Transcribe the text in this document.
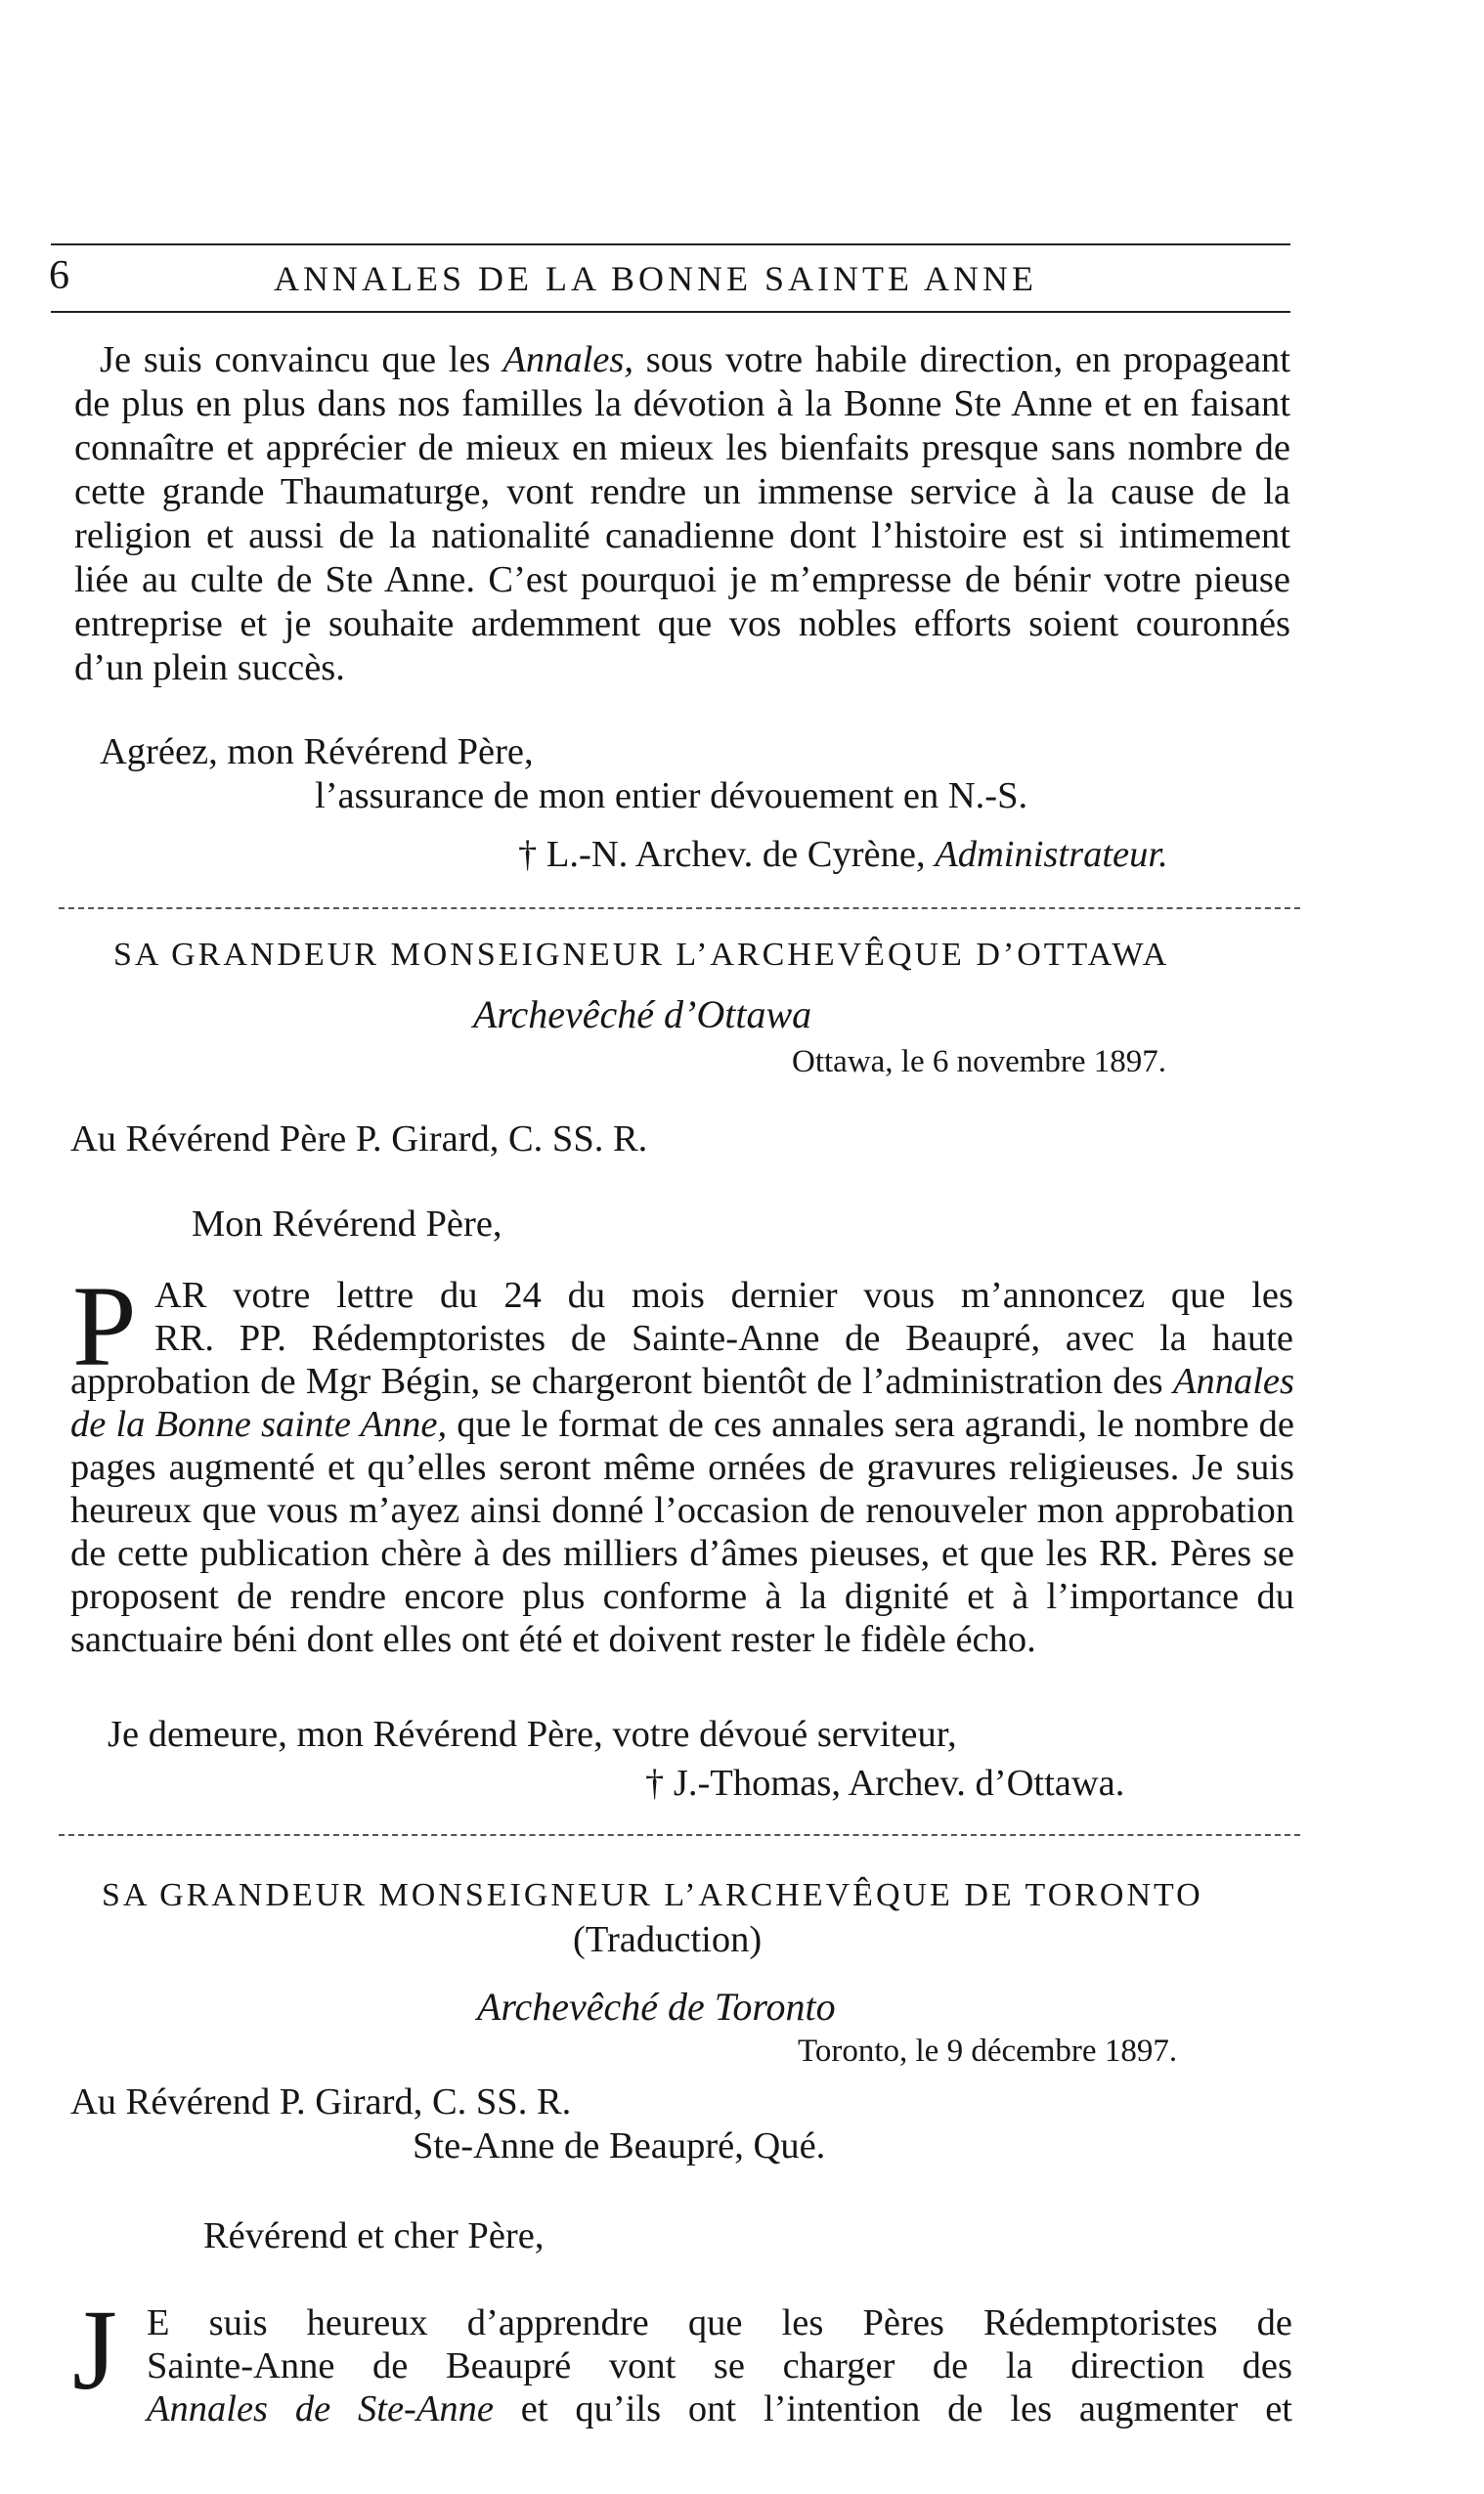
6	ANNALES DE LA BONNE SAINTE ANNE

Je suis convaincu que les Annales, sous votre habile direction, en propageant de plus en plus dans nos familles la dévotion à la Bonne Ste Anne et en faisant connaître et apprécier de mieux en mieux les bienfaits presque sans nombre de cette grande Thaumaturge, vont rendre un immense service à la cause de la religion et aussi de la nationalité canadienne dont l’histoire est si intimement liée au culte de Ste Anne. C’est pourquoi je m’empresse de bénir votre pieuse entreprise et je souhaite ardemment que vos nobles efforts soient couronnés d’un plein succès.

Agréez, mon Révérend Père,
l’assurance de mon entier dévouement en N.-S.
† L.-N. Archev. de Cyrène, Administrateur.
SA GRANDEUR MONSEIGNEUR L’ARCHEVÊQUE D’OTTAWA
Archevêché d’Ottawa
Ottawa, le 6 novembre 1897.
Au Révérend Père P. Girard, C. SS. R.
Mon Révérend Père,
P AR votre lettre du 24 du mois dernier vous m’annoncez que les
RR. PP. Rédemptoristes de Sainte-Anne de Beaupré, avec la haute

approbation de Mgr Bégin, se chargeront bientôt de l’administration des Annales de la Bonne sainte Anne, que le format de ces annales sera agrandi, le nombre de pages augmenté et qu’elles seront même ornées de gravures religieuses. Je suis heureux que vous m’ayez ainsi donné l’occasion de renouveler mon approbation de cette publication chère à des milliers d’âmes pieuses, et que les RR. Pères se proposent de rendre encore plus conforme à la dignité et à l’importance du sanctuaire béni dont elles ont été et doivent rester le fidèle écho.

Je demeure, mon Révérend Père, votre dévoué serviteur,
† J.-Thomas, Archev. d’Ottawa.
SA GRANDEUR MONSEIGNEUR L’ARCHEVÊQUE DE TORONTO
(Traduction)
Archevêché de Toronto
Toronto, le 9 décembre 1897.
Au Révérend P. Girard, C. SS. R.
Ste-Anne de Beaupré, Qué.
Révérend et cher Père,
J E suis heureux d’apprendre que les Pères Rédemptoristes de
Sainte-Anne de Beaupré vont se charger de la direction des
Annales de Ste-Anne et qu’ils ont l’intention de les augmenter et
